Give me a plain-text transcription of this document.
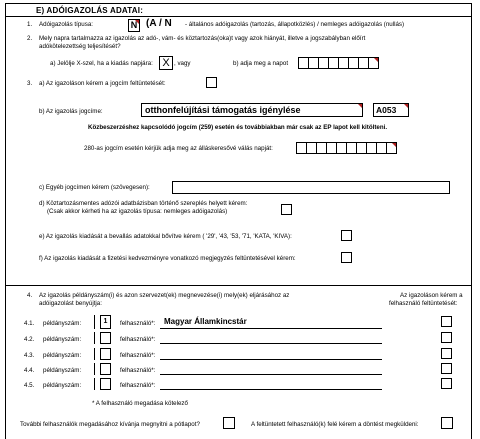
E) ADÓIGAZOLÁS ADATAI:
1. Adóigazolás típusa:	N (A / N - általános adóigazolás (tartozás, állapotközlés) / nemleges adóigazolás (nullás)
2. Mely napra tartalmazza az igazolás az adó-, vám- és köztartozás(oka)t vagy azok hiányát, illetve a jogszabályban előírt
adókötelezettség teljesítését?
a) Jelölje X-szel, ha a kiadás napjára: X , vagy	b) adja meg a napot
3. a) Az igazoláson kérem a jogcím feltüntetését:
b) Az igazolás jogcíme:	otthonfelújítási támogatás igénylése	A053
Közbeszerzéshez kapcsolódó jogcím (259) esetén és továbbiakban már csak az EP lapot kell kitölteni.
280-as jogcím esetén kérjük adja meg az álláskeresővé válás napját:
c) Egyéb jogcímen kérem (szövegesen):
d) Köztartozásmentes adózói adatbázisban történő szereplés helyett kérem:
(Csak akkor kérheti ha az igazolás típusa: nemleges adóigazolás)
e) Az igazolás kiadását a bevallás adatokkal bővítve kérem ( '29', '43, '53, '71, 'KATA, 'KIVA):
f) Az igazolás kiadását a fizetési kedvezményre vonatkozó megjegyzés feltüntetésével kérem:
4. Az igazolás példányszám(i) és azon szervezet(ek) megnevezése(i) mely(ek) eljárásához az
adóigazolást benyújtja:
Az igazoláson kérem a
felhasználó feltüntetését:
4.1. példányszám:	1	felhasználó*: Magyar Államkincstár
4.2. példányszám:	felhasználó*:
4.3. példányszám:	felhasználó*:
4.4. példányszám:	felhasználó*:
4.5. példányszám:	felhasználó*:
* A felhasználó megadása kötelező
További felhasználók megadásához kívánja megnyitni a pótlapot?	A feltüntetett felhasználó(k) felé kérem a döntést megküldeni:
